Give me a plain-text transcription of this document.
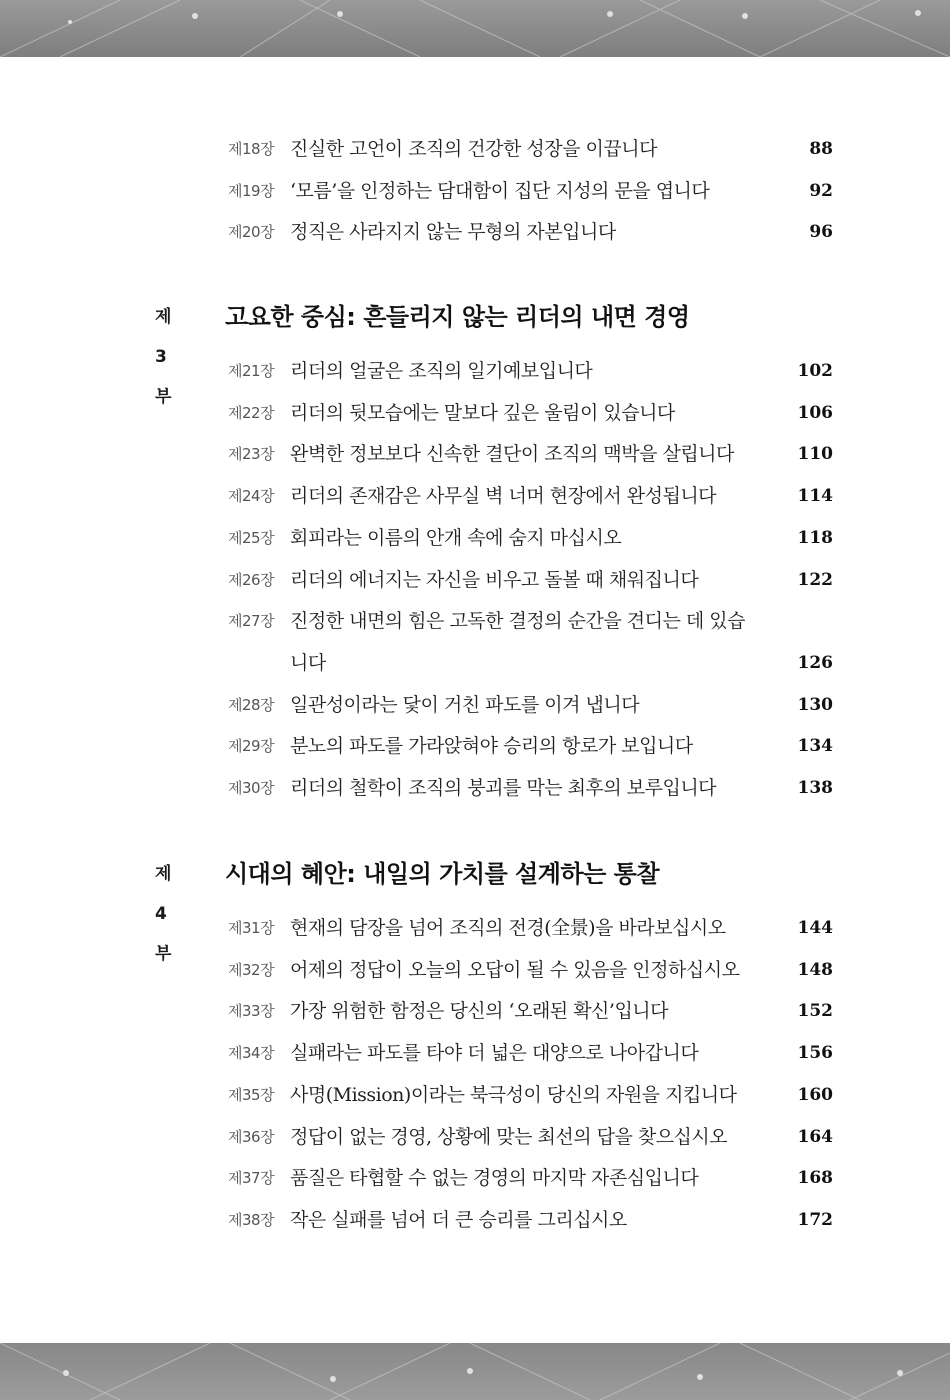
제18장 진실한 고언이 조직의 건강한 성장을 이끕니다	88
제19장 ‘모름’을 인정하는 담대함이 집단 지성의 문을 엽니다	92
제20장 정직은 사라지지 않는 무형의 자본입니다	96
제3부
고요한 중심: 흔들리지 않는 리더의 내면 경영
제21장 리더의 얼굴은 조직의 일기예보입니다	102
제22장 리더의 뒷모습에는 말보다 깊은 울림이 있습니다	106
제23장 완벽한 정보보다 신속한 결단이 조직의 맥박을 살립니다	110
제24장 리더의 존재감은 사무실 벽 너머 현장에서 완성됩니다	114
제25장 회피라는 이름의 안개 속에 숨지 마십시오	118
제26장 리더의 에너지는 자신을 비우고 돌볼 때 채워집니다	122
제27장 진정한 내면의 힘은 고독한 결정의 순간을 견디는 데 있습니다	126
제28장 일관성이라는 닻이 거친 파도를 이겨 냅니다	130
제29장 분노의 파도를 가라앉혀야 승리의 항로가 보입니다	134
제30장 리더의 철학이 조직의 붕괴를 막는 최후의 보루입니다	138
제4부
시대의 혜안: 내일의 가치를 설계하는 통찰
제31장 현재의 담장을 넘어 조직의 전경(全景)을 바라보십시오	144
제32장 어제의 정답이 오늘의 오답이 될 수 있음을 인정하십시오	148
제33장 가장 위험한 함정은 당신의 ‘오래된 확신’입니다	152
제34장 실패라는 파도를 타야 더 넓은 대양으로 나아갑니다	156
제35장 사명(Mission)이라는 북극성이 당신의 자원을 지킵니다	160
제36장 정답이 없는 경영, 상황에 맞는 최선의 답을 찾으십시오	164
제37장 품질은 타협할 수 없는 경영의 마지막 자존심입니다	168
제38장 작은 실패를 넘어 더 큰 승리를 그리십시오	172
